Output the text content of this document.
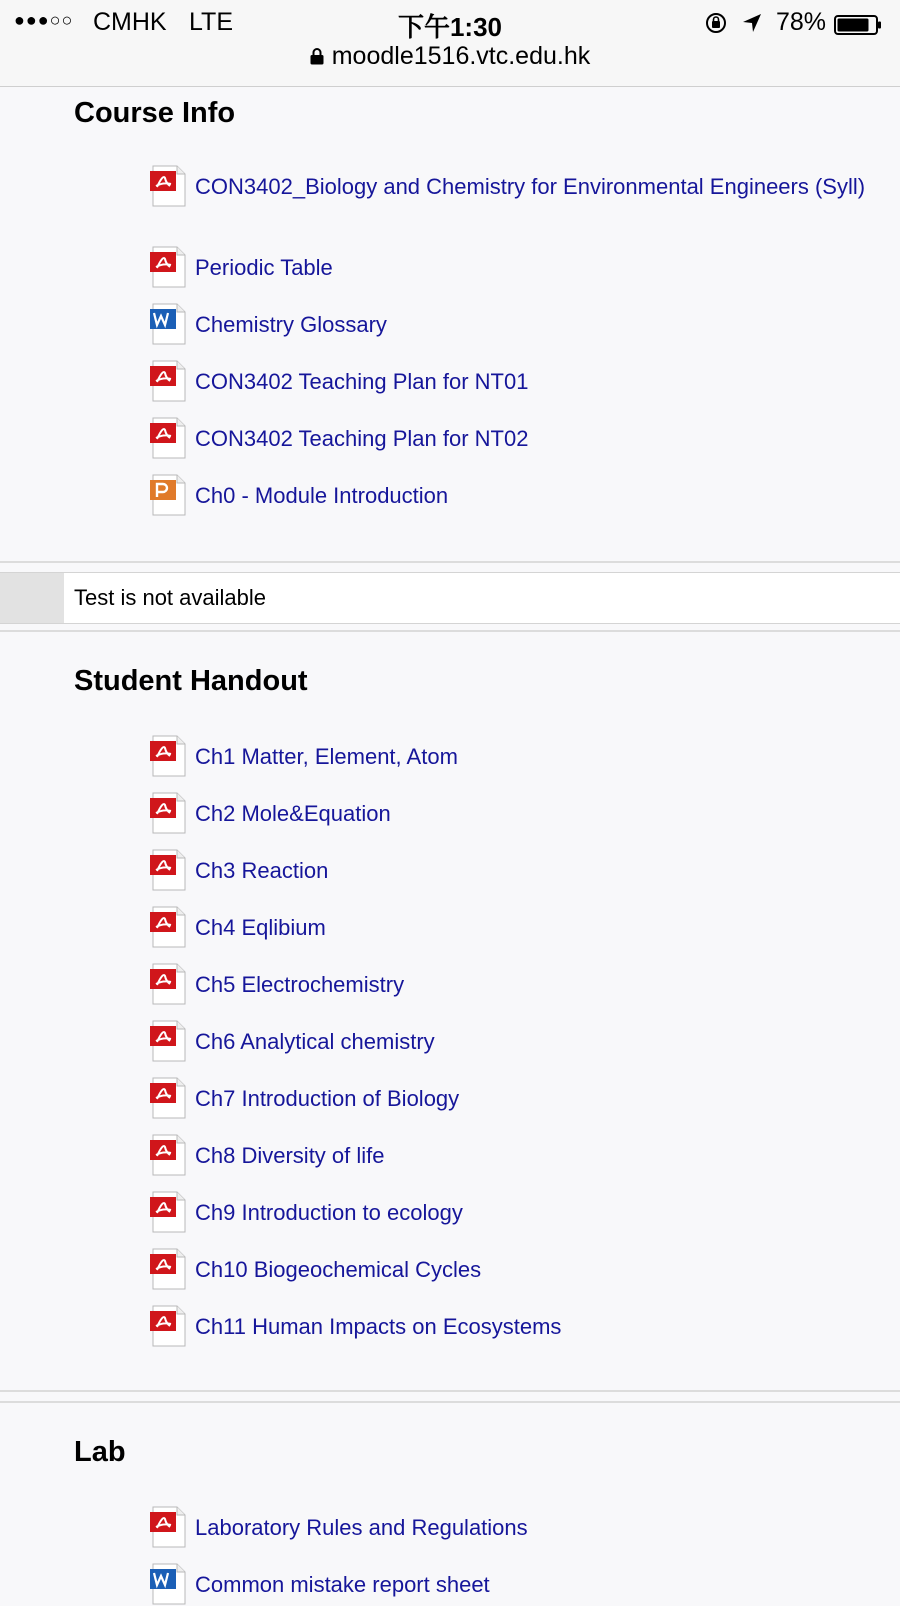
●●●○○ CMHK LTE	下午1:30	78%
moodle1516.vtc.edu.hk
Course Info
CON3402_Biology and Chemistry for Environmental Engineers (Syll)
Periodic Table
Chemistry Glossary
CON3402 Teaching Plan for NT01
CON3402 Teaching Plan for NT02
Ch0 - Module Introduction
Test is not available
Student Handout
Ch1 Matter, Element, Atom
Ch2 Mole&Equation
Ch3 Reaction
Ch4 Eqlibium
Ch5 Electrochemistry
Ch6 Analytical chemistry
Ch7 Introduction of Biology
Ch8 Diversity of life
Ch9 Introduction to ecology
Ch10 Biogeochemical Cycles
Ch11 Human Impacts on Ecosystems
Lab
Laboratory Rules and Regulations
Common mistake report sheet
